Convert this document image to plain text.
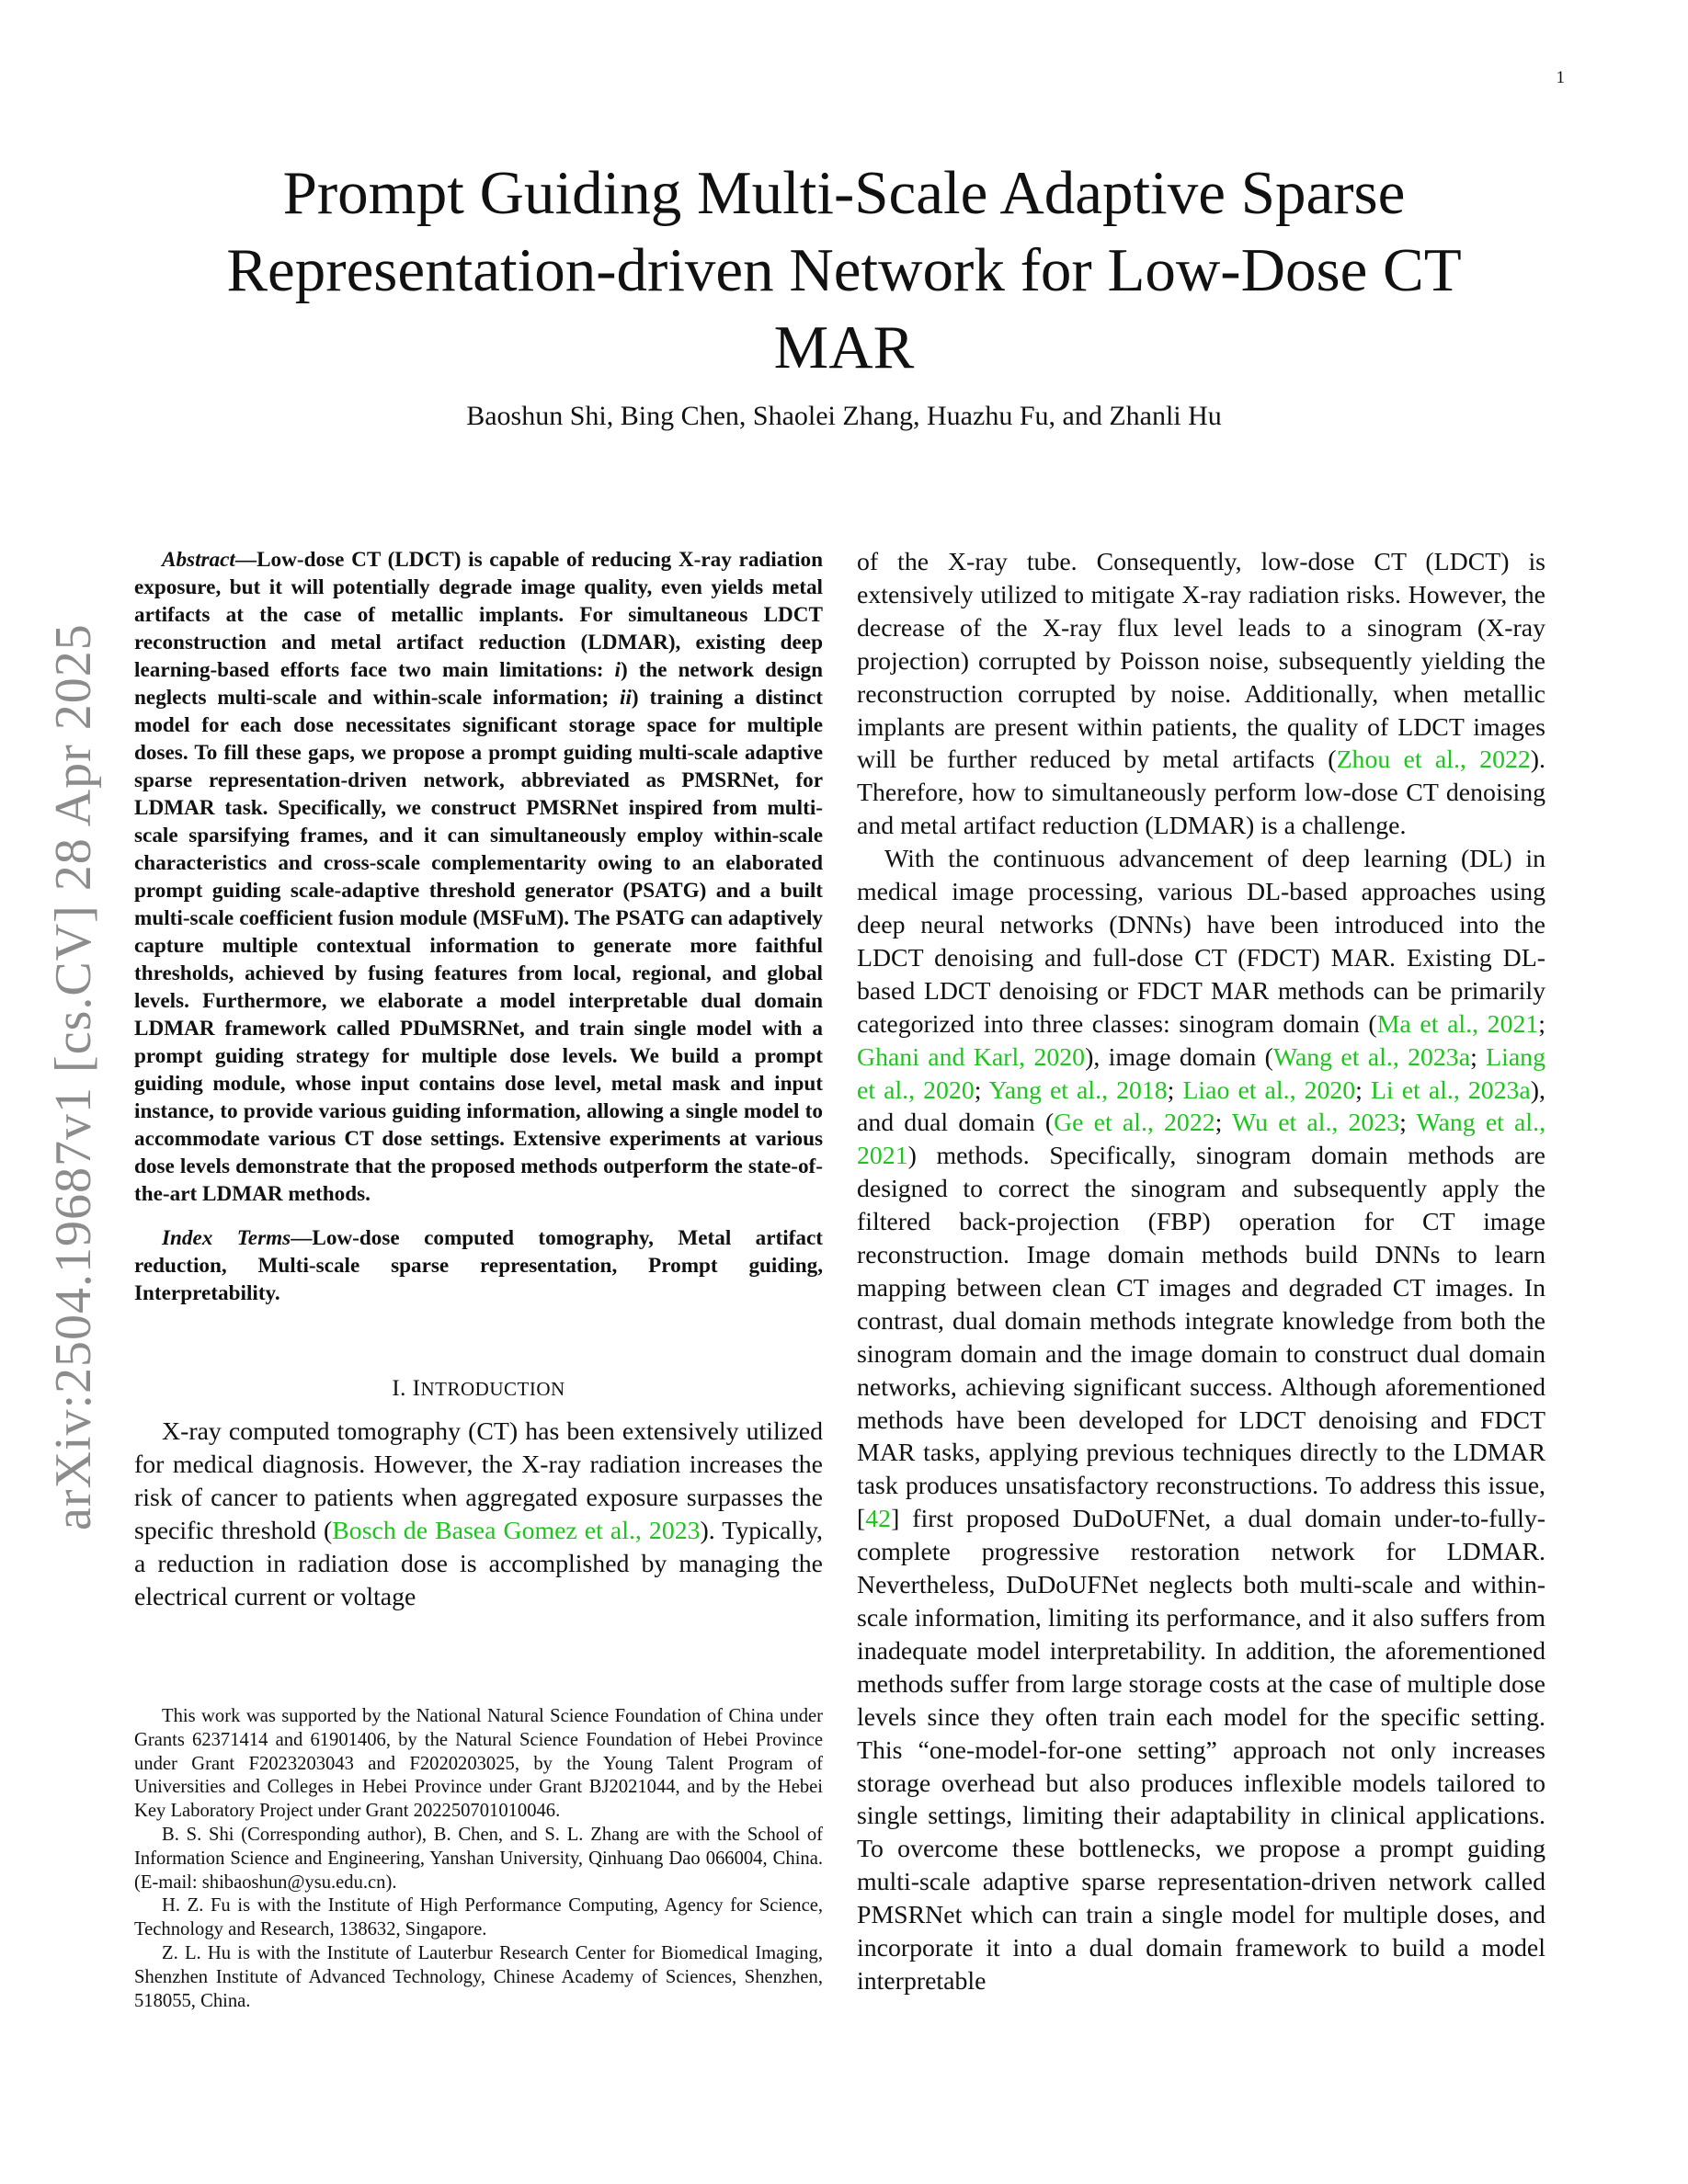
1
Prompt Guiding Multi-Scale Adaptive Sparse
Representation-driven Network for Low-Dose CT
MAR
Baoshun Shi, Bing Chen, Shaolei Zhang, Huazhu Fu, and Zhanli Hu
arXiv:2504.19687v1 [cs.CV] 28 Apr 2025

Abstract—Low-dose CT (LDCT) is capable of reducing X-ray radiation exposure, but it will potentially degrade image quality, even yields metal artifacts at the case of metallic implants. For simultaneous LDCT reconstruction and metal artifact reduction (LDMAR), existing deep learning-based efforts face two main limitations: i) the network design neglects multi-scale and within-scale information; ii) training a distinct model for each dose necessitates significant storage space for multiple doses. To fill these gaps, we propose a prompt guiding multi-scale adaptive sparse representation-driven network, abbreviated as PMSRNet, for LDMAR task. Specifically, we construct PMSRNet inspired from multi-scale sparsifying frames, and it can simultaneously employ within-scale characteristics and cross-scale complementarity owing to an elaborated prompt guiding scale-adaptive threshold generator (PSATG) and a built multi-scale coefficient fusion module (MSFuM). The PSATG can adaptively capture multiple contextual information to generate more faithful thresholds, achieved by fusing features from local, regional, and global levels. Furthermore, we elaborate a model interpretable dual domain LDMAR framework called PDuMSRNet, and train single model with a prompt guiding strategy for multiple dose levels. We build a prompt guiding module, whose input contains dose level, metal mask and input instance, to provide various guiding information, allowing a single model to accommodate various CT dose settings. Extensive experiments at various dose levels demonstrate that the proposed methods outperform the state-of-the-art LDMAR methods.

Index Terms—Low-dose computed tomography, Metal artifact reduction, Multi-scale sparse representation, Prompt guiding, Interpretability.

I. INTRODUCTION

X-ray computed tomography (CT) has been extensively utilized for medical diagnosis. However, the X-ray radiation increases the risk of cancer to patients when aggregated exposure surpasses the specific threshold (Bosch de Basea Gomez et al., 2023). Typically, a reduction in radiation dose is accomplished by managing the electrical current or voltage

of the X-ray tube. Consequently, low-dose CT (LDCT) is extensively utilized to mitigate X-ray radiation risks. However, the decrease of the X-ray flux level leads to a sinogram (X-ray projection) corrupted by Poisson noise, subsequently yielding the reconstruction corrupted by noise. Additionally, when metallic implants are present within patients, the quality of LDCT images will be further reduced by metal artifacts (Zhou et al., 2022). Therefore, how to simultaneously perform low-dose CT denoising and metal artifact reduction (LDMAR) is a challenge.

With the continuous advancement of deep learning (DL) in medical image processing, various DL-based approaches using deep neural networks (DNNs) have been introduced into the LDCT denoising and full-dose CT (FDCT) MAR. Existing DL-based LDCT denoising or FDCT MAR methods can be primarily categorized into three classes: sinogram domain (Ma et al., 2021; Ghani and Karl, 2020), image domain (Wang et al., 2023a; Liang et al., 2020; Yang et al., 2018; Liao et al., 2020; Li et al., 2023a), and dual domain (Ge et al., 2022; Wu et al., 2023; Wang et al., 2021) methods. Specifically, sinogram domain methods are designed to correct the sinogram and subsequently apply the filtered back-projection (FBP) operation for CT image reconstruction. Image domain methods build DNNs to learn mapping between clean CT images and degraded CT images. In contrast, dual domain methods integrate knowledge from both the sinogram domain and the image domain to construct dual domain networks, achieving significant success. Although aforementioned methods have been developed for LDCT denoising and FDCT MAR tasks, applying previous techniques directly to the LDMAR task produces unsatisfactory reconstructions. To address this issue, [42] first proposed DuDoUFNet, a dual domain under-to-fully-complete progressive restoration network for LDMAR. Nevertheless, DuDoUFNet neglects both multi-scale and within-scale information, limiting its performance, and it also suffers from inadequate model interpretability. In addition, the aforementioned methods suffer from large storage costs at the case of multiple dose levels since they often train each model for the specific setting. This “one-model-for-one setting” approach not only increases storage overhead but also produces inflexible models tailored to single settings, limiting their adaptability in clinical applications. To overcome these bottlenecks, we propose a prompt guiding multi-scale adaptive sparse representation-driven network called PMSRNet which can train a single model for multiple doses, and incorporate it into a dual domain framework to build a model interpretable

This work was supported by the National Natural Science Foundation of China under Grants 62371414 and 61901406, by the Natural Science Foundation of Hebei Province under Grant F2023203043 and F2020203025, by the Young Talent Program of Universities and Colleges in Hebei Province under Grant BJ2021044, and by the Hebei Key Laboratory Project under Grant 202250701010046.

B. S. Shi (Corresponding author), B. Chen, and S. L. Zhang are with the School of Information Science and Engineering, Yanshan University, Qinhuang Dao 066004, China. (E-mail: shibaoshun@ysu.edu.cn).

H. Z. Fu is with the Institute of High Performance Computing, Agency for Science, Technology and Research, 138632, Singapore.

Z. L. Hu is with the Institute of Lauterbur Research Center for Biomedical Imaging, Shenzhen Institute of Advanced Technology, Chinese Academy of Sciences, Shenzhen, 518055, China.
